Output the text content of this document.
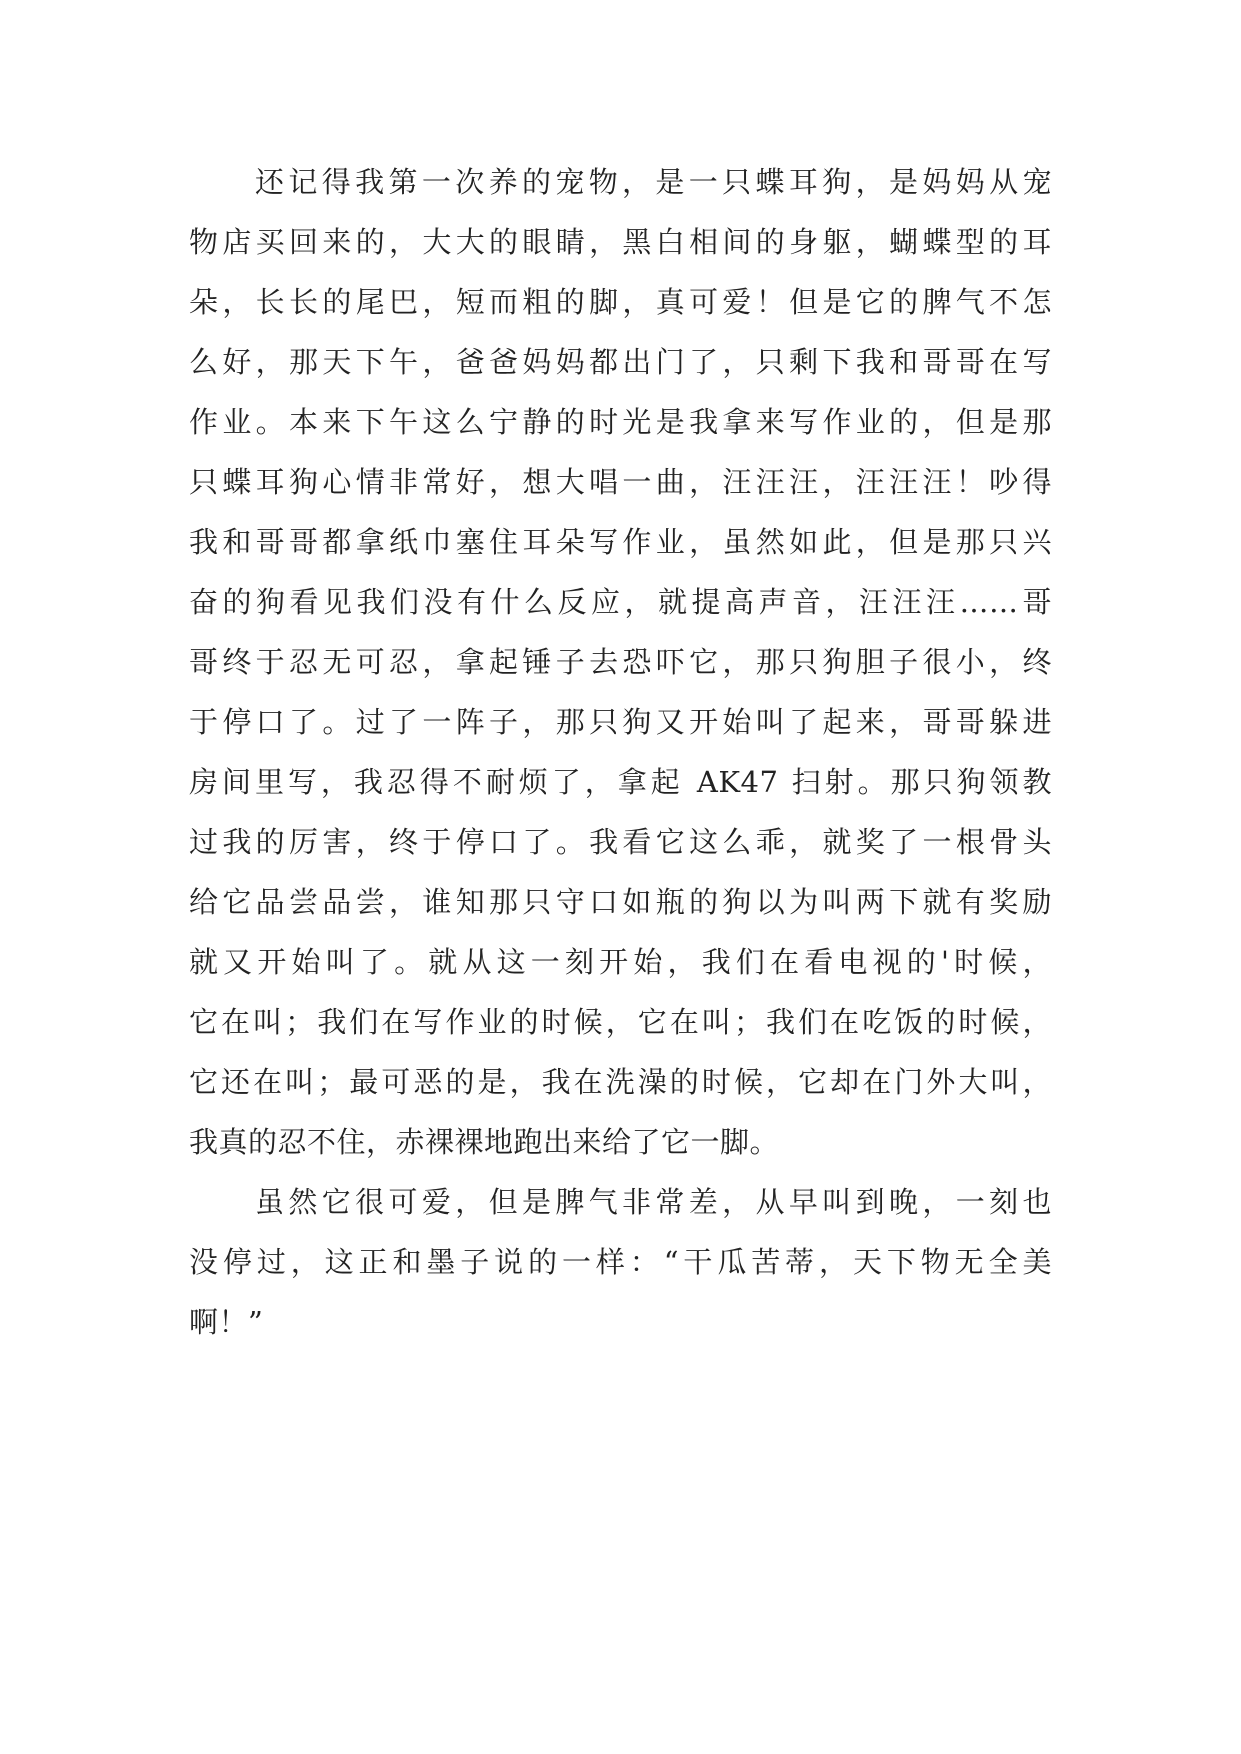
还记得我第一次养的宠物，是一只蝶耳狗，是妈妈从宠
物店买回来的，大大的眼睛，黑白相间的身躯，蝴蝶型的耳
朵，长长的尾巴，短而粗的脚，真可爱！但是它的脾气不怎
么好，那天下午，爸爸妈妈都出门了，只剩下我和哥哥在写
作业。本来下午这么宁静的时光是我拿来写作业的，但是那
只蝶耳狗心情非常好，想大唱一曲，汪汪汪，汪汪汪！吵得
我和哥哥都拿纸巾塞住耳朵写作业，虽然如此，但是那只兴
奋的狗看见我们没有什么反应，就提高声音，汪汪汪……哥
哥终于忍无可忍，拿起锤子去恐吓它，那只狗胆子很小，终
于停口了。过了一阵子，那只狗又开始叫了起来，哥哥躲进
房间里写，我忍得不耐烦了，拿起 AK47 扫射。那只狗领教
过我的厉害，终于停口了。我看它这么乖，就奖了一根骨头
给它品尝品尝，谁知那只守口如瓶的狗以为叫两下就有奖励
就又开始叫了。就从这一刻开始，我们在看电视的'时候，
它在叫；我们在写作业的时候，它在叫；我们在吃饭的时候，
它还在叫；最可恶的是，我在洗澡的时候，它却在门外大叫，
我真的忍不住，赤裸裸地跑出来给了它一脚。
虽然它很可爱，但是脾气非常差，从早叫到晚，一刻也
没停过，这正和墨子说的一样：“干瓜苦蒂，天下物无全美
啊！”
